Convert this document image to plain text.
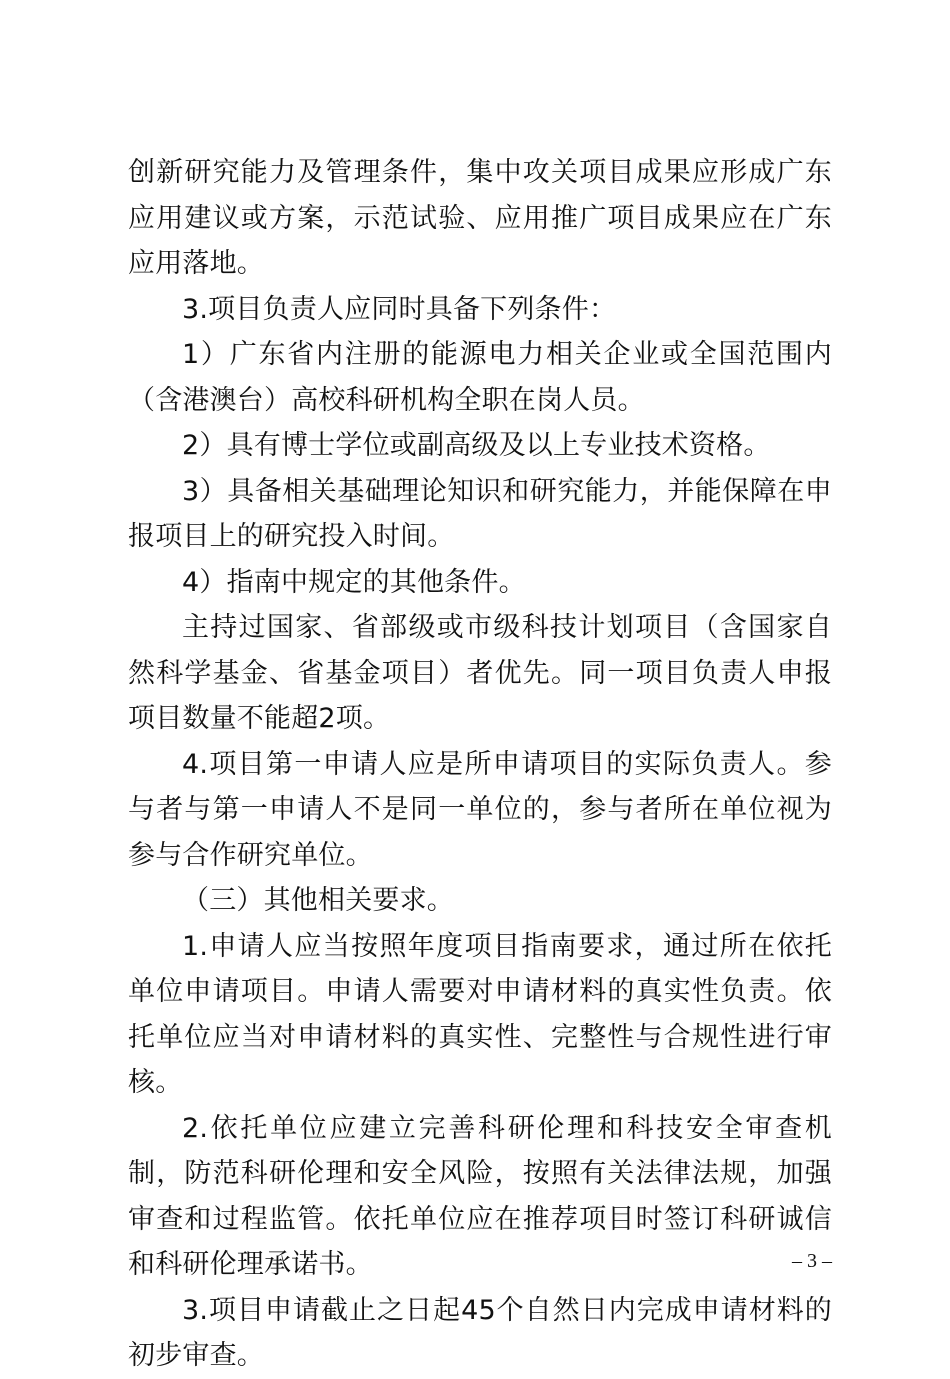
创新研究能力及管理条件，集中攻关项目成果应形成广东应用建议或方案，示范试验、应用推广项目成果应在广东应用落地。

3.项目负责人应同时具备下列条件：

1）广东省内注册的能源电力相关企业或全国范围内（含港澳台）高校科研机构全职在岗人员。

2）具有博士学位或副高级及以上专业技术资格。

3）具备相关基础理论知识和研究能力，并能保障在申报项目上的研究投入时间。

4）指南中规定的其他条件。

主持过国家、省部级或市级科技计划项目（含国家自然科学基金、省基金项目）者优先。同一项目负责人申报项目数量不能超2项。

4.项目第一申请人应是所申请项目的实际负责人。参与者与第一申请人不是同一单位的，参与者所在单位视为参与合作研究单位。

（三）其他相关要求。

1.申请人应当按照年度项目指南要求，通过所在依托单位申请项目。申请人需要对申请材料的真实性负责。依托单位应当对申请材料的真实性、完整性与合规性进行审核。

2.依托单位应建立完善科研伦理和科技安全审查机制，防范科研伦理和安全风险，按照有关法律法规，加强审查和过程监管。依托单位应在推荐项目时签订科研诚信和科研伦理承诺书。

3.项目申请截止之日起45个自然日内完成申请材料的初步审查。

– 3 –
